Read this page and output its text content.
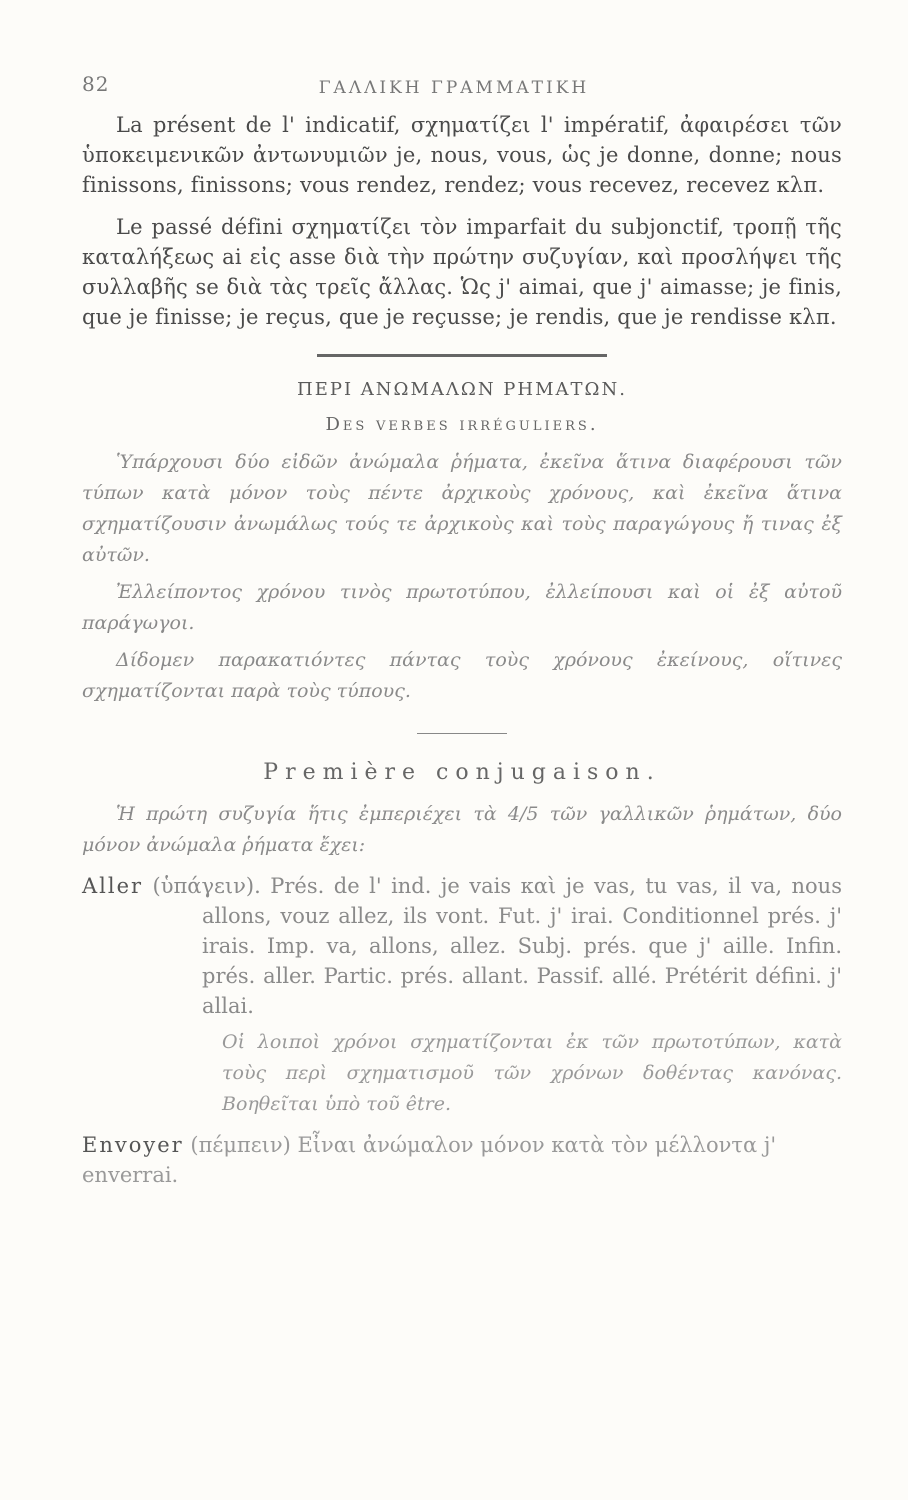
82	ΓΑΛΛΙΚΗ ΓΡΑΜΜΑΤΙΚΗ

La présent de l' indicatif, σχηματίζει l' impératif, ἀφαιρέσει τῶν ὑποκειμενικῶν ἀντωνυμιῶν je, nous, vous, ὡς je donne, donne; nous finissons, finissons; vous rendez, rendez; vous recevez, recevez κλπ.

Le passé défini σχηματίζει τὸν imparfait du subjonctif, τροπῇ τῆς καταλήξεως ai εἰς asse διὰ τὴν πρώτην συζυγίαν, καὶ προσλήψει τῆς συλλαβῆς se διὰ τὰς τρεῖς ἄλλας. Ὡς j' aimai, que j' aimasse; je finis, que je finisse; je reçus, que je reçusse; je rendis, que je rendisse κλπ.

ΠΕΡΙ ΑΝΩΜΑΛΩΝ ΡΗΜΑΤΩΝ.
Des verbes irréguliers.

Ὑπάρχουσι δύο εἰδῶν ἀνώμαλα ῥήματα, ἐκεῖνα ἅτινα διαφέρουσι τῶν τύπων κατὰ μόνον τοὺς πέντε ἀρχικοὺς χρόνους, καὶ ἐκεῖνα ἅτινα σχηματίζουσιν ἀνωμάλως τούς τε ἀρχικοὺς καὶ τοὺς παραγώγους ἤ τινας ἐξ αὐτῶν.

Ἐλλείποντος χρόνου τινὸς πρωτοτύπου, ἐλλείπουσι καὶ οἱ ἐξ αὐτοῦ παράγωγοι.

Δίδομεν παρακατιόντες πάντας τοὺς χρόνους ἐκείνους, οἵτινες σχηματίζονται παρὰ τοὺς τύπους.

Première conjugaison.

Ἡ πρώτη συζυγία ἥτις ἐμπεριέχει τὰ 4/5 τῶν γαλλικῶν ῥημάτων, δύο μόνον ἀνώμαλα ῥήματα ἔχει:

Aller (ὑπάγειν). Prés. de l' ind. je vais καὶ je vas, tu vas, il va, nous allons, vouz allez, ils vont. Fut. j' irai. Conditionnel prés. j' irais. Imp. va, allons, allez. Subj. prés. que j' aille. Infin. prés. aller. Partic. prés. allant. Passif. allé. Prétérit défini. j' allai.

Οἱ λοιποὶ χρόνοι σχηματίζονται ἐκ τῶν πρωτοτύπων, κατὰ τοὺς περὶ σχηματισμοῦ τῶν χρόνων δοθέντας κανόνας. Βοηθεῖται ὑπὸ τοῦ être.

Envoyer (πέμπειν) Εἶναι ἀνώμαλον μόνον κατὰ τὸν μέλλοντα j' enverrai.
